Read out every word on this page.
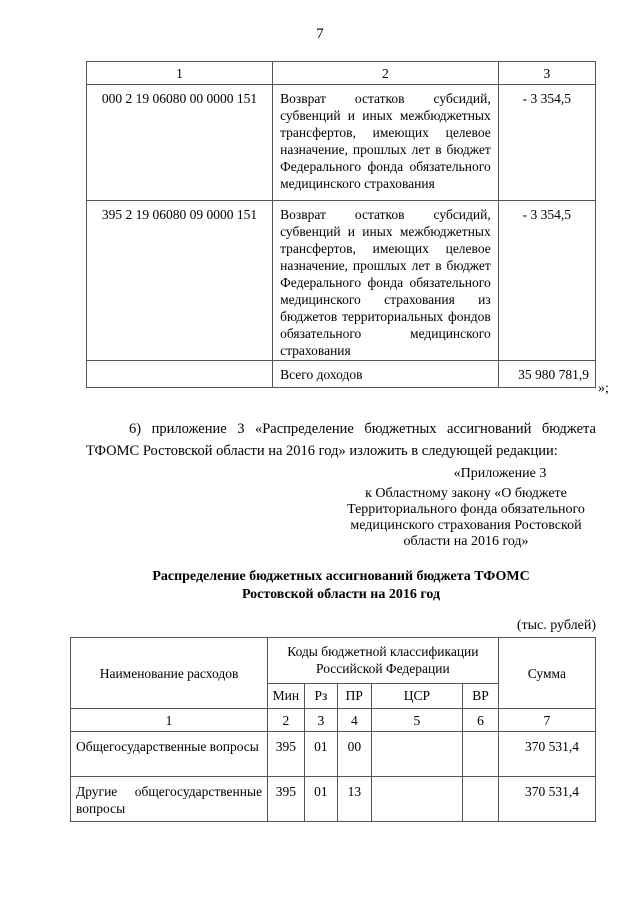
7
1	2	3
000 2 19 06080 00 0000 151	Возврат остатков субсидий, субвенций и иных межбюджетных трансфертов, имеющих целевое назначение, прошлых лет в бюджет Федерального фонда обязательного медицинского страхования	- 3 354,5
395 2 19 06080 09 0000 151	Возврат остатков субсидий, субвенций и иных межбюджетных трансфертов, имеющих целевое назначение, прошлых лет в бюджет Федерального фонда обязательного медицинского страхования из бюджетов территориальных фондов обязательного медицинского страхования	- 3 354,5
	Всего доходов	35 980 781,9
»;
6) приложение 3 «Распределение бюджетных ассигнований бюджета ТФОМС Ростовской области на 2016 год» изложить в следующей редакции:
«Приложение 3
к Областному закону «О бюджете
Территориального фонда обязательного
медицинского страхования Ростовской
области на 2016 год»
Распределение бюджетных ассигнований бюджета ТФОМС
Ростовской области на 2016 год
(тыс. рублей)
Наименование расходов	Коды бюджетной классификации Российской Федерации					Сумма
	Мин	Рз	ПР	ЦСР	ВР	
1	2	3	4	5	6	7
Общегосударственные вопросы	395	01	00			370 531,4
Другие общегосударственные вопросы	395	01	13			370 531,4
